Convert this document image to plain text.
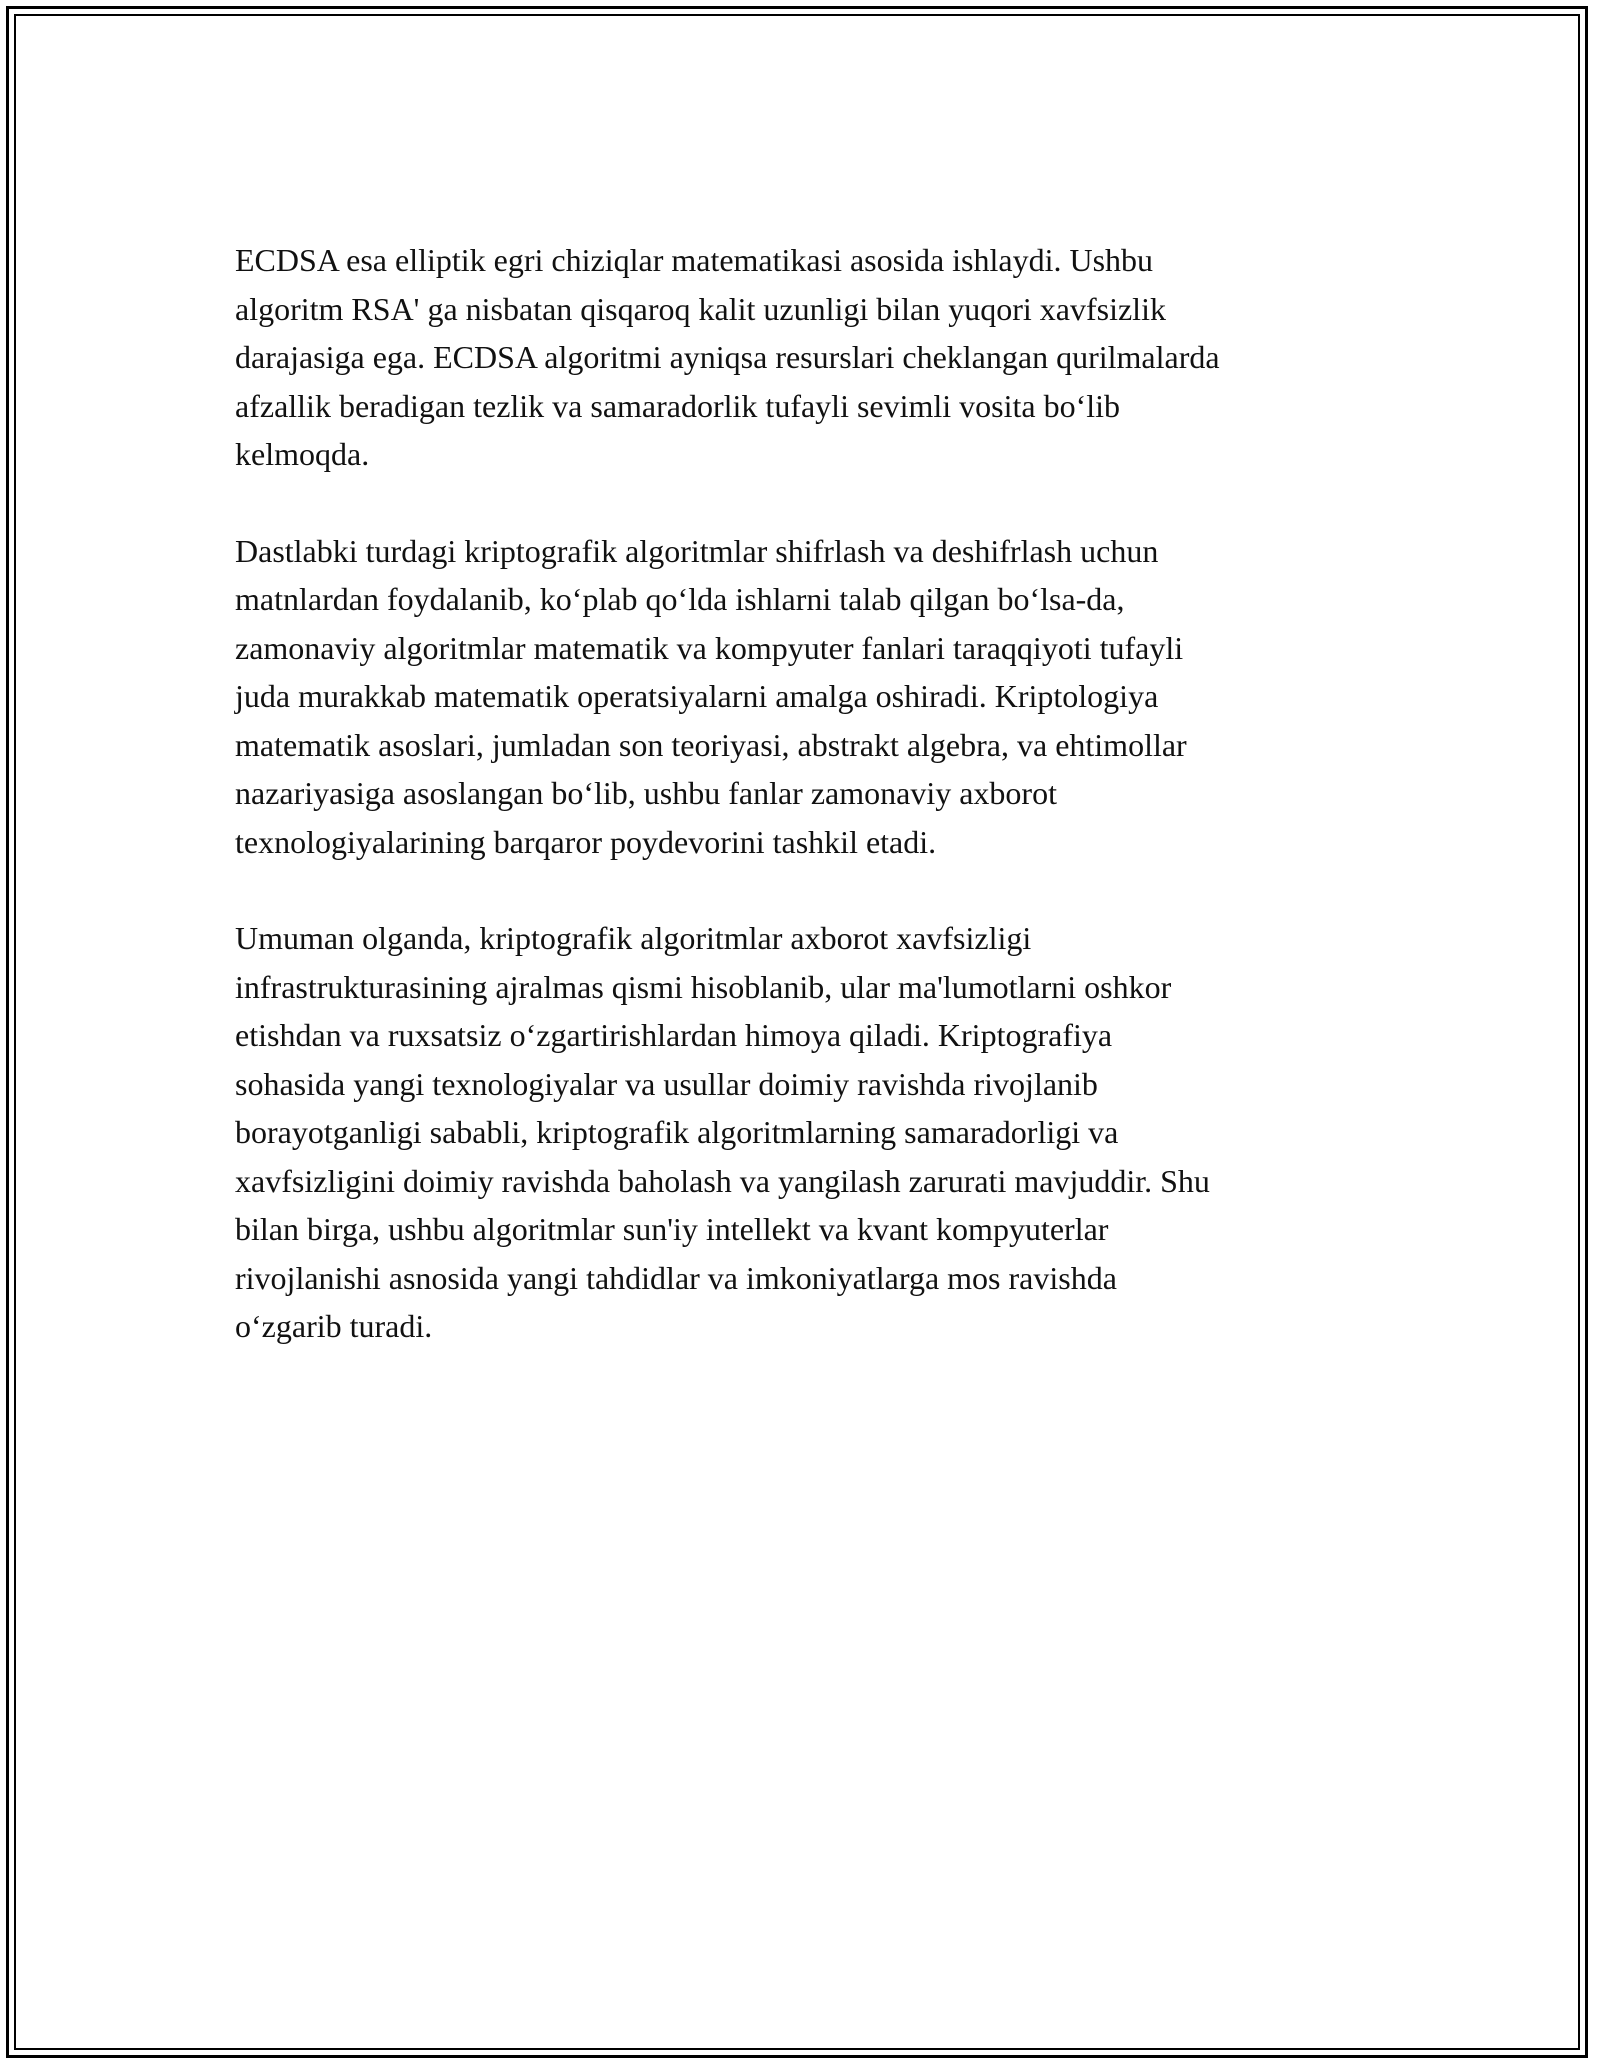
ECDSA esa elliptik egri chiziqlar matematikasi asosida ishlaydi. Ushbu
algoritm RSA' ga nisbatan qisqaroq kalit uzunligi bilan yuqori xavfsizlik
darajasiga ega. ECDSA algoritmi ayniqsa resurslari cheklangan qurilmalarda
afzallik beradigan tezlik va samaradorlik tufayli sevimli vosita bo‘lib
kelmoqda.

Dastlabki turdagi kriptografik algoritmlar shifrlash va deshifrlash uchun
matnlardan foydalanib, ko‘plab qo‘lda ishlarni talab qilgan bo‘lsa-da,
zamonaviy algoritmlar matematik va kompyuter fanlari taraqqiyoti tufayli
juda murakkab matematik operatsiyalarni amalga oshiradi. Kriptologiya
matematik asoslari, jumladan son teoriyasi, abstrakt algebra, va ehtimollar
nazariyasiga asoslangan bo‘lib, ushbu fanlar zamonaviy axborot
texnologiyalarining barqaror poydevorini tashkil etadi.

Umuman olganda, kriptografik algoritmlar axborot xavfsizligi
infrastrukturasining ajralmas qismi hisoblanib, ular ma'lumotlarni oshkor
etishdan va ruxsatsiz o‘zgartirishlardan himoya qiladi. Kriptografiya
sohasida yangi texnologiyalar va usullar doimiy ravishda rivojlanib
borayotganligi sababli, kriptografik algoritmlarning samaradorligi va
xavfsizligini doimiy ravishda baholash va yangilash zarurati mavjuddir. Shu
bilan birga, ushbu algoritmlar sun'iy intellekt va kvant kompyuterlar
rivojlanishi asnosida yangi tahdidlar va imkoniyatlarga mos ravishda
o‘zgarib turadi.
